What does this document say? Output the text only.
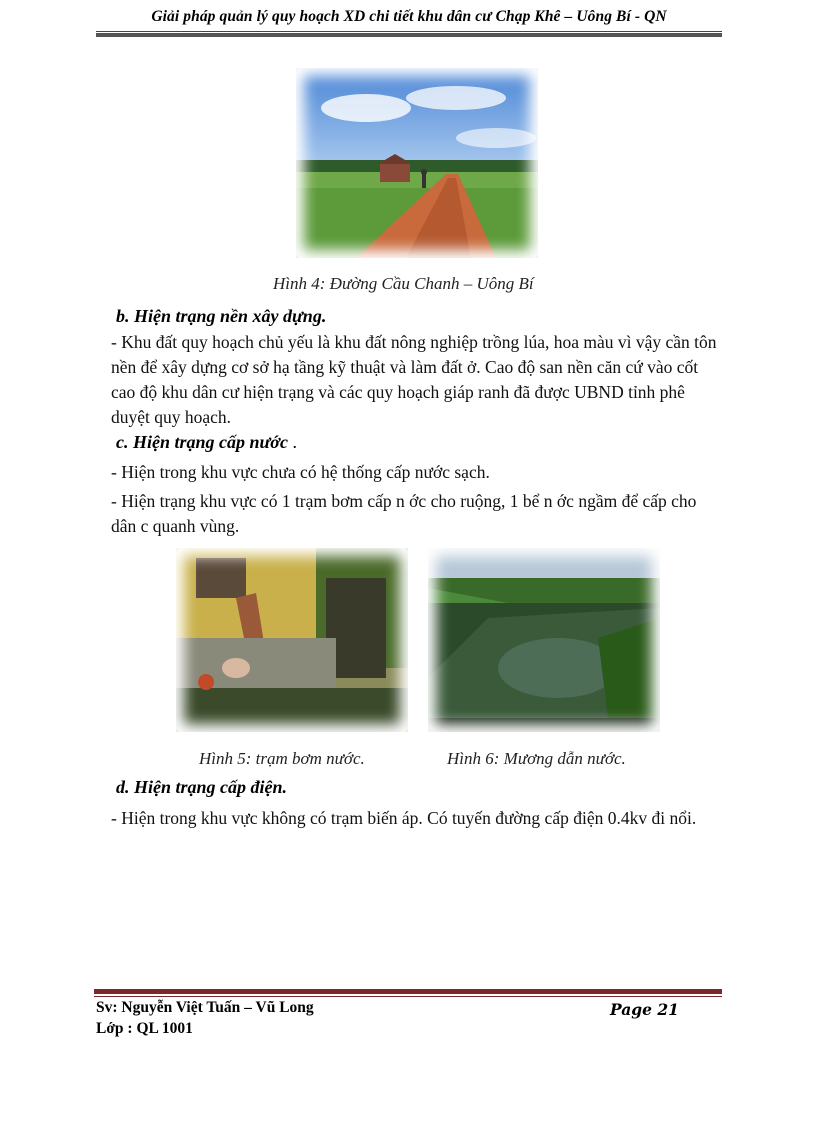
Giải pháp quản lý quy hoạch XD chi tiết khu dân cư Chạp Khê – Uông Bí - QN
Hình 4: Đường Cầu Chanh – Uông Bí
b. Hiện trạng nền xây dựng.
- Khu đất quy hoạch chủ yếu là khu đất nông nghiệp trồng lúa, hoa màu vì vậy cần tôn nền để xây dựng cơ sở hạ tầng kỹ thuật và làm đất ở. Cao độ san nền căn cứ vào cốt cao độ khu dân cư hiện trạng và các quy hoạch giáp ranh đã được UBND tỉnh phê duyệt quy hoạch.
c. Hiện trạng cấp nước .
- Hiện trong khu vực chưa có hệ thống cấp nước sạch.
- Hiện trạng khu vực có 1 trạm bơm cấp n ớc cho ruộng, 1 bể n ớc ngầm để cấp cho dân c quanh vùng.
Hình 5: trạm bơm nước.	Hình 6: Mương dẫn nước.
d. Hiện trạng cấp điện.
- Hiện trong khu vực không có trạm biến áp. Có tuyến đường cấp điện 0.4kv đi nổi.
Sv: Nguyễn Việt Tuấn – Vũ Long
Lớp : QL 1001
Page 21
